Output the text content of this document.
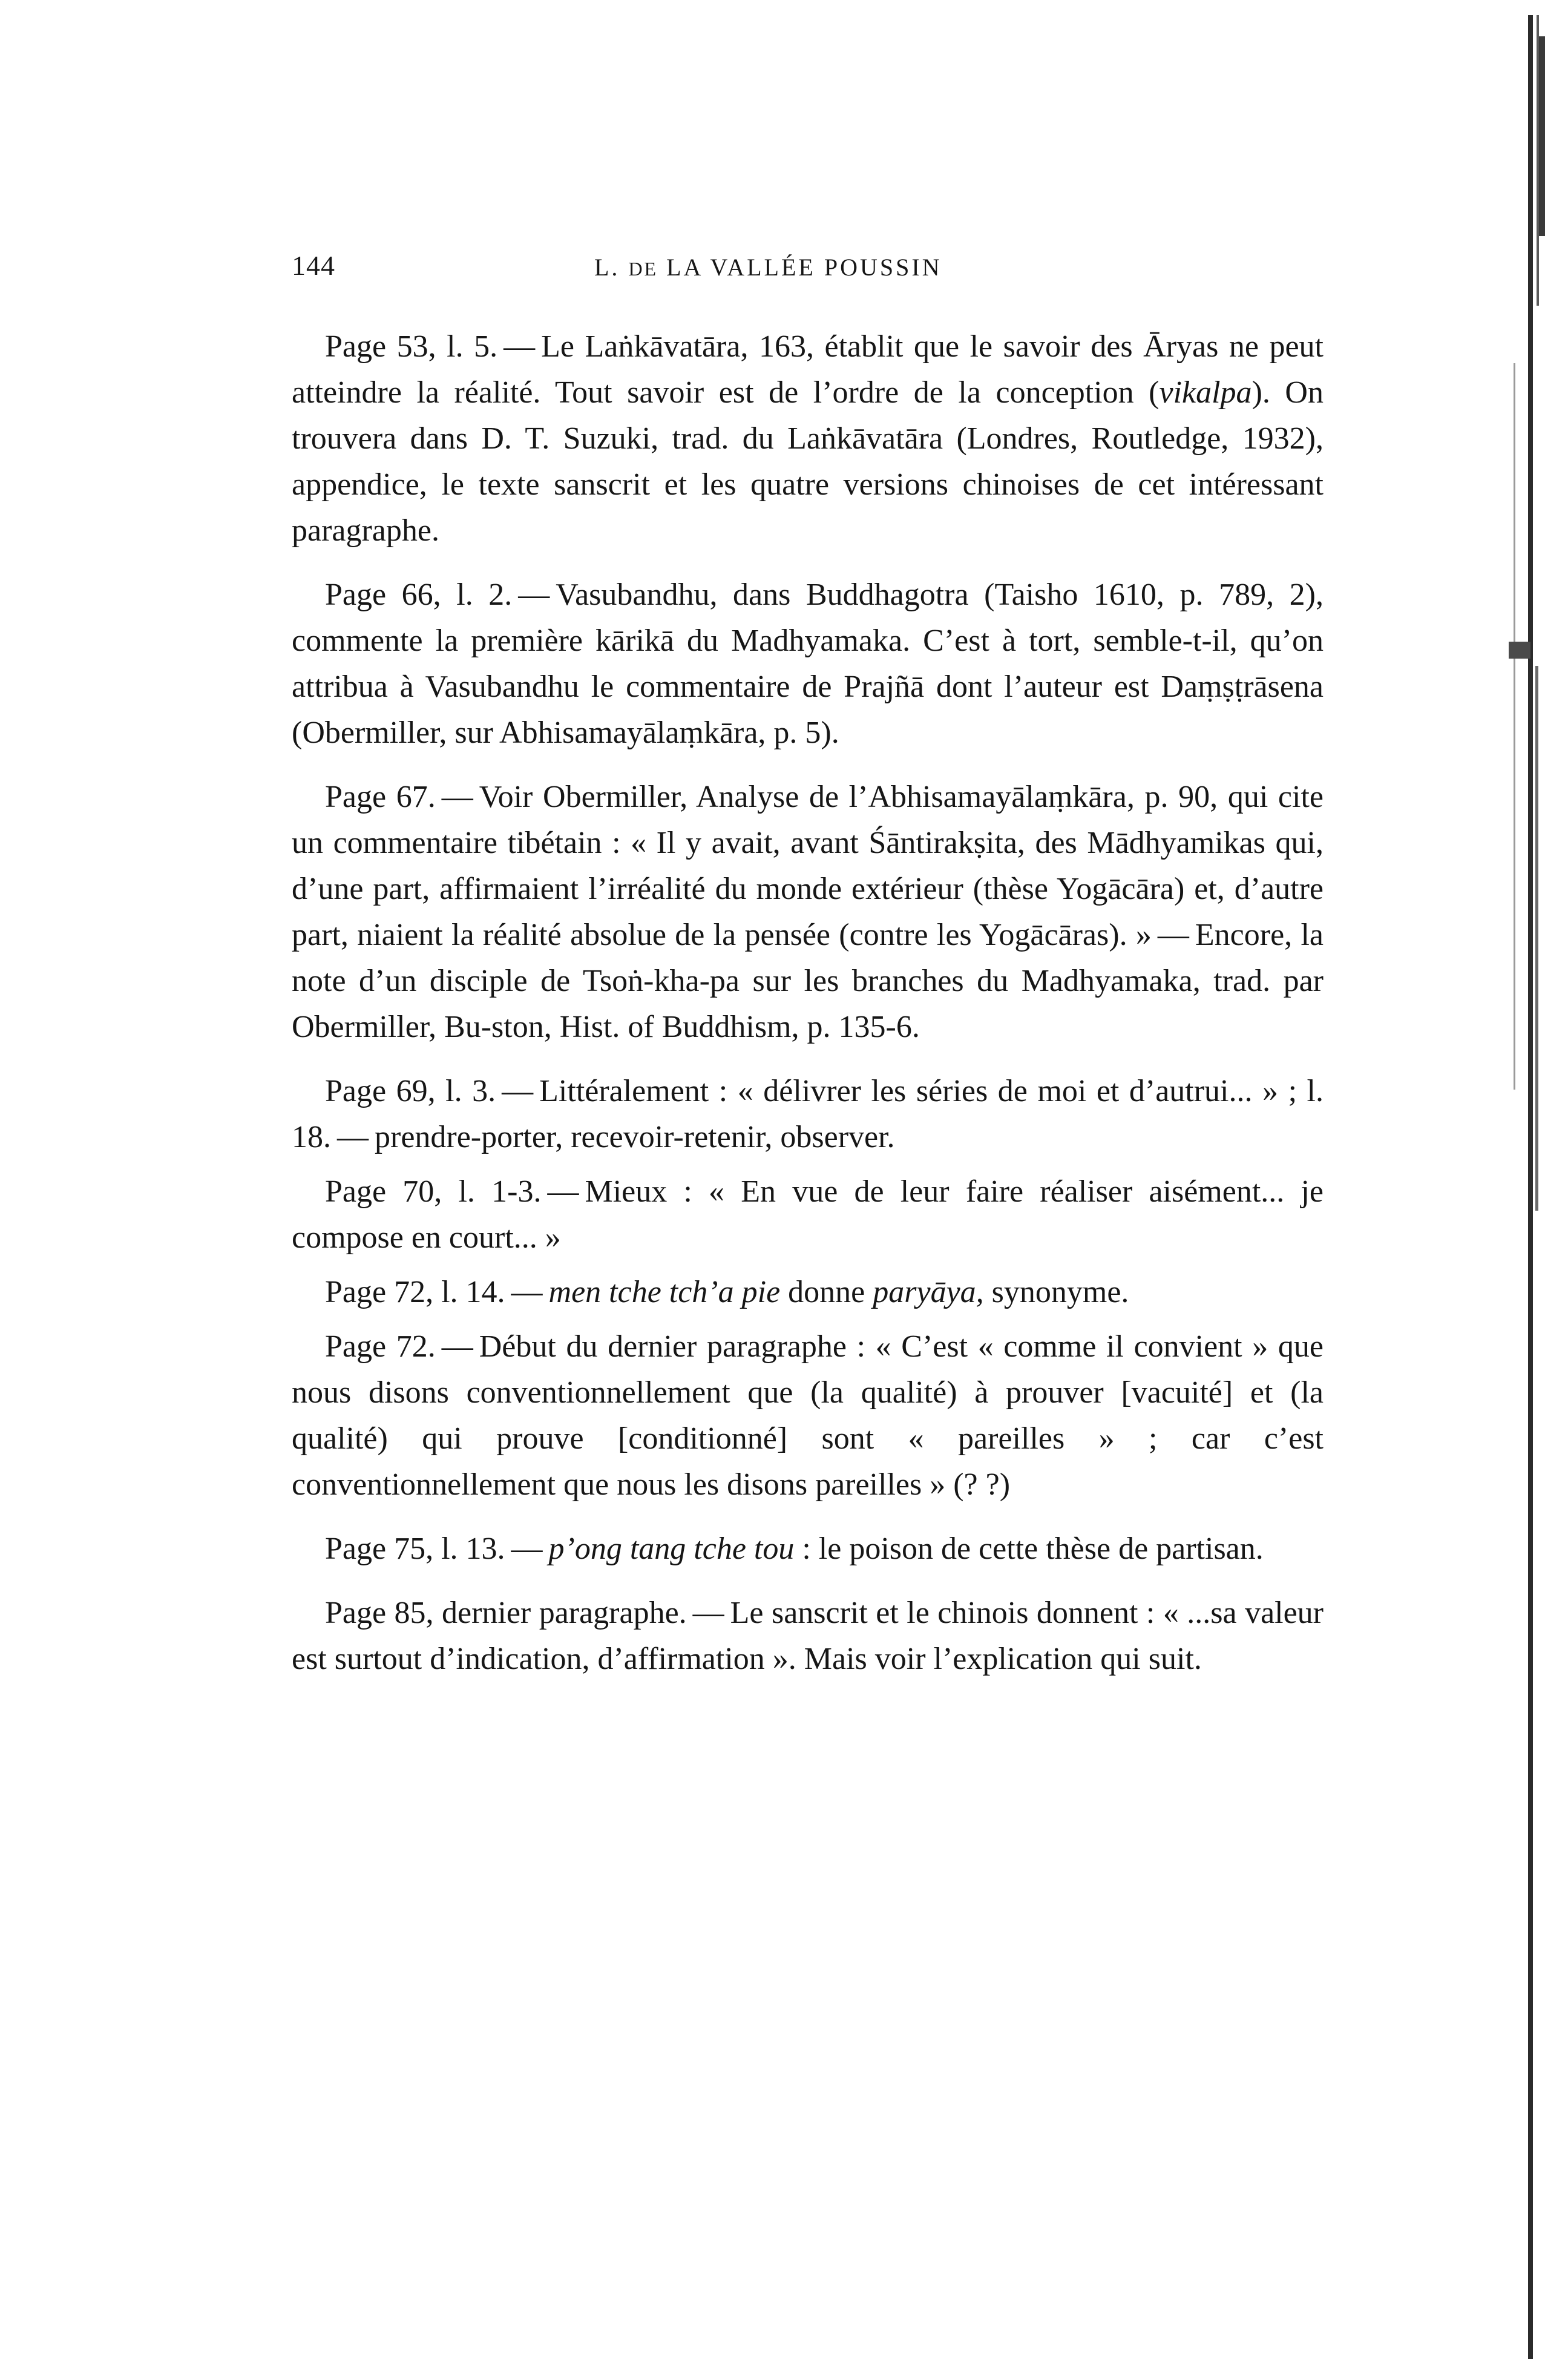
144	L. DE LA VALLÉE POUSSIN

Page 53, l. 5. — Le Laṅkāvatāra, 163, établit que le savoir des Āryas ne peut atteindre la réalité. Tout savoir est de l’ordre de la conception (vikalpa). On trouvera dans D. T. Suzuki, trad. du Laṅkāvatāra (Londres, Routledge, 1932), appendice, le texte sanscrit et les quatre versions chinoises de cet intéressant paragraphe.

Page 66, l. 2. — Vasubandhu, dans Buddhagotra (Taisho 1610, p. 789, 2), commente la première kārikā du Madhyamaka. C’est à tort, semble-t-il, qu’on attribua à Vasubandhu le commentaire de Prajñā dont l’auteur est Daṃṣṭrāsena (Obermiller, sur Abhisamayālaṃkāra, p. 5).

Page 67. — Voir Obermiller, Analyse de l’Abhisamayālaṃkāra, p. 90, qui cite un commentaire tibétain : « Il y avait, avant Śāntirakṣita, des Mādhyamikas qui, d’une part, affirmaient l’irréalité du monde extérieur (thèse Yogācāra) et, d’autre part, niaient la réalité absolue de la pensée (contre les Yogācāras). » — Encore, la note d’un disciple de Tsoṅ-kha-pa sur les branches du Madhyamaka, trad. par Obermiller, Bu-ston, Hist. of Buddhism, p. 135-6.

Page 69, l. 3. — Littéralement : « délivrer les séries de moi et d’autrui... » ; l. 18. — prendre-porter, recevoir-retenir, observer.

Page 70, l. 1-3. — Mieux : « En vue de leur faire réaliser aisément... je compose en court... »

Page 72, l. 14. — men tche tch’a pie donne paryāya, synonyme.

Page 72. — Début du dernier paragraphe : « C’est « comme il convient » que nous disons conventionnellement que (la qualité) à prouver [vacuité] et (la qualité) qui prouve [conditionné] sont « pareilles » ; car c’est conventionnellement que nous les disons pareilles » (? ?)

Page 75, l. 13. — p’ong tang tche tou : le poison de cette thèse de partisan.

Page 85, dernier paragraphe. — Le sanscrit et le chinois donnent : « ...sa valeur est surtout d’indication, d’affirmation ». Mais voir l’explication qui suit.
